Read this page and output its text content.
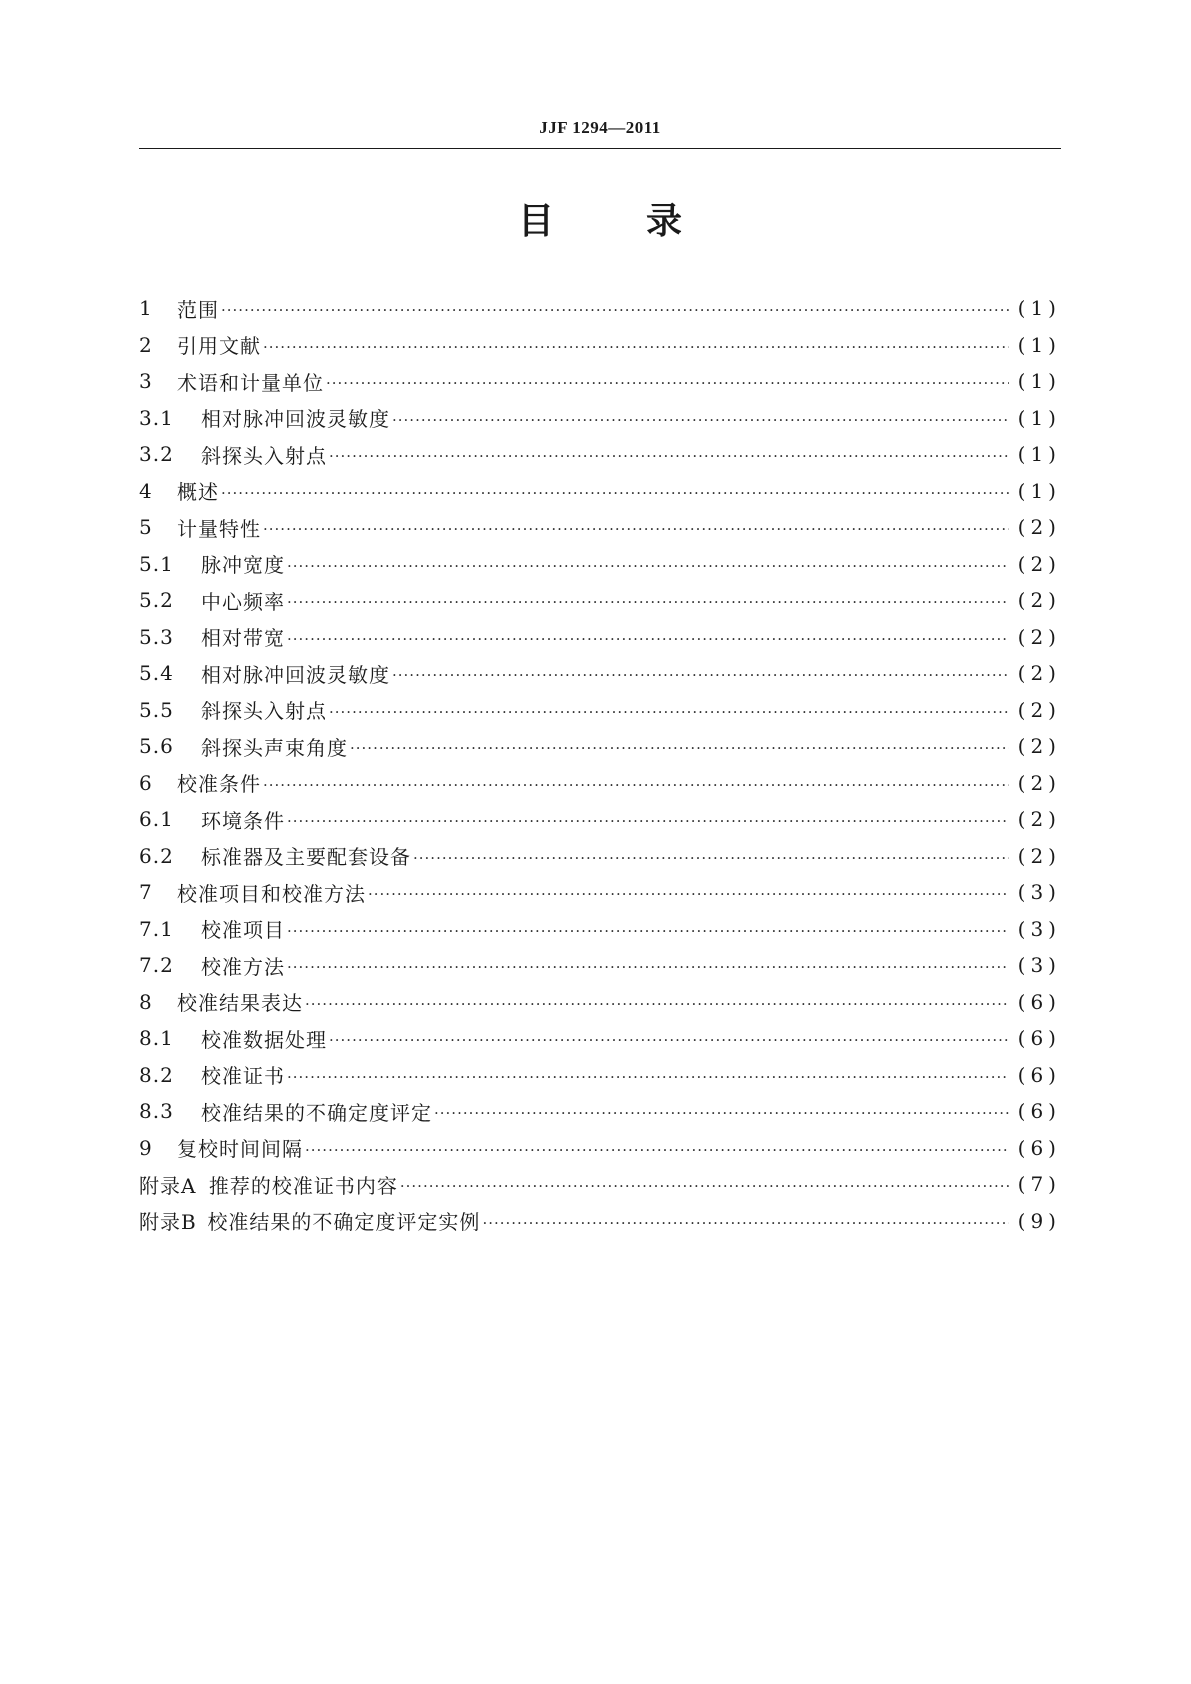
JJF 1294—2011
目	录
1	范围 ·····	(1)
2	引用文献 ·····	(1)
3	术语和计量单位 ·····	(1)
3.1	相对脉冲回波灵敏度 ·····	(1)
3.2	斜探头入射点 ·····	(1)
4	概述 ·····	(1)
5	计量特性 ·····	(2)
5.1	脉冲宽度 ·····	(2)
5.2	中心频率 ·····	(2)
5.3	相对带宽 ·····	(2)
5.4	相对脉冲回波灵敏度 ·····	(2)
5.5	斜探头入射点 ·····	(2)
5.6	斜探头声束角度 ·····	(2)
6	校准条件 ·····	(2)
6.1	环境条件 ·····	(2)
6.2	标准器及主要配套设备 ·····	(2)
7	校准项目和校准方法 ·····	(3)
7.1	校准项目 ·····	(3)
7.2	校准方法 ·····	(3)
8	校准结果表达 ·····	(6)
8.1	校准数据处理 ·····	(6)
8.2	校准证书 ·····	(6)
8.3	校准结果的不确定度评定 ·····	(6)
9	复校时间间隔 ·····	(6)
附录A 推荐的校准证书内容 ·····	(7)
附录B 校准结果的不确定度评定实例 ·····	(9)
